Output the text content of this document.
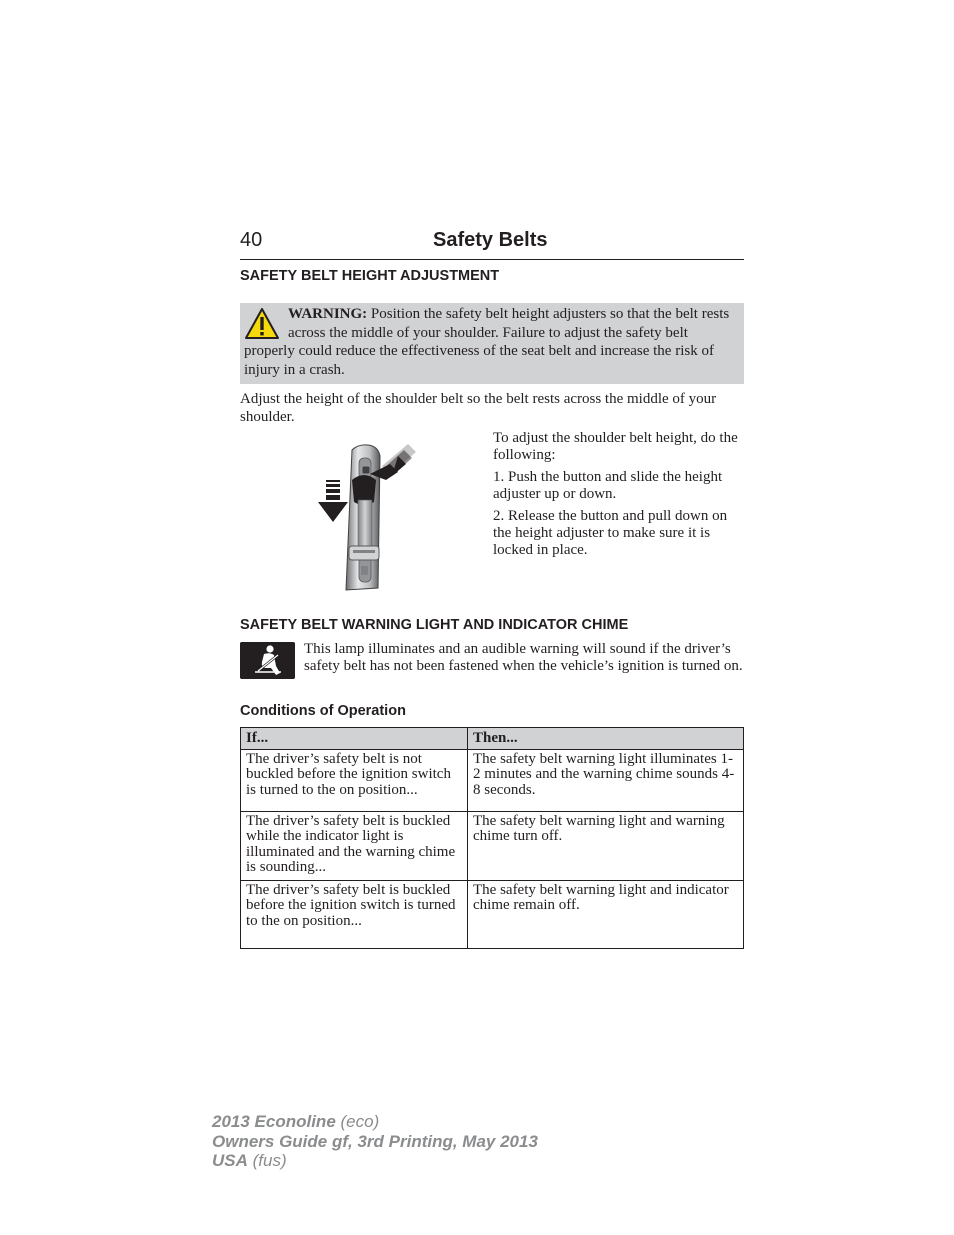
40	Safety Belts
SAFETY BELT HEIGHT ADJUSTMENT

WARNING: Position the safety belt height adjusters so that the belt rests across the middle of your shoulder. Failure to adjust the safety belt properly could reduce the effectiveness of the seat belt and increase the risk of injury in a crash.

Adjust the height of the shoulder belt so the belt rests across the middle of your shoulder.

To adjust the shoulder belt height, do the following:

1. Push the button and slide the height adjuster up or down.

2. Release the button and pull down on the height adjuster to make sure it is locked in place.

SAFETY BELT WARNING LIGHT AND INDICATOR CHIME

This lamp illuminates and an audible warning will sound if the driver’s safety belt has not been fastened when the vehicle’s ignition is turned on.

Conditions of Operation
If...	Then...
The driver’s safety belt is not buckled before the ignition switch is turned to the on position...	The safety belt warning light illuminates 1-2 minutes and the warning chime sounds 4-8 seconds.
The driver’s safety belt is buckled while the indicator light is illuminated and the warning chime is sounding...	The safety belt warning light and warning chime turn off.
The driver’s safety belt is buckled before the ignition switch is turned to the on position...	The safety belt warning light and indicator chime remain off.
2013 Econoline (eco)
Owners Guide gf, 3rd Printing, May 2013
USA (fus)
